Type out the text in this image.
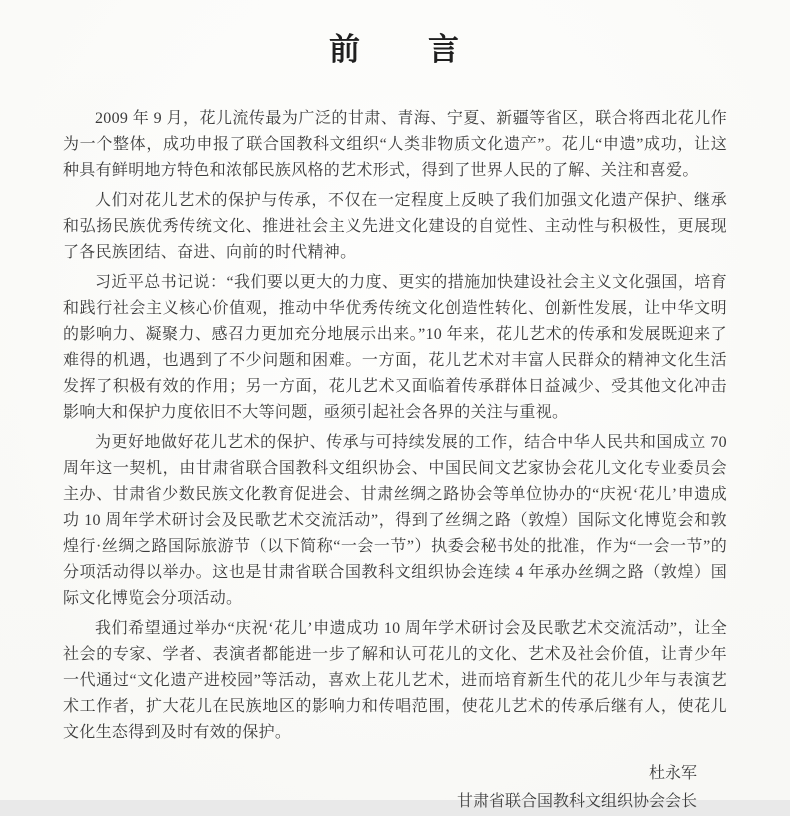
前　　言

2009 年 9 月，花儿流传最为广泛的甘肃、青海、宁夏、新疆等省区，联合将西北花儿作为一个整体，成功申报了联合国教科文组织“人类非物质文化遗产”。花儿“申遗”成功，让这种具有鲜明地方特色和浓郁民族风格的艺术形式，得到了世界人民的了解、关注和喜爱。

人们对花儿艺术的保护与传承，不仅在一定程度上反映了我们加强文化遗产保护、继承和弘扬民族优秀传统文化、推进社会主义先进文化建设的自觉性、主动性与积极性，更展现了各民族团结、奋进、向前的时代精神。

习近平总书记说：“我们要以更大的力度、更实的措施加快建设社会主义文化强国，培育和践行社会主义核心价值观，推动中华优秀传统文化创造性转化、创新性发展，让中华文明的影响力、凝聚力、感召力更加充分地展示出来。”10 年来，花儿艺术的传承和发展既迎来了难得的机遇，也遇到了不少问题和困难。一方面，花儿艺术对丰富人民群众的精神文化生活发挥了积极有效的作用；另一方面，花儿艺术又面临着传承群体日益减少、受其他文化冲击影响大和保护力度依旧不大等问题，亟须引起社会各界的关注与重视。

为更好地做好花儿艺术的保护、传承与可持续发展的工作，结合中华人民共和国成立 70 周年这一契机，由甘肃省联合国教科文组织协会、中国民间文艺家协会花儿文化专业委员会主办、甘肃省少数民族文化教育促进会、甘肃丝绸之路协会等单位协办的“庆祝‘花儿’申遗成功 10 周年学术研讨会及民歌艺术交流活动”，得到了丝绸之路（敦煌）国际文化博览会和敦煌行·丝绸之路国际旅游节（以下简称“一会一节”）执委会秘书处的批准，作为“一会一节”的分项活动得以举办。这也是甘肃省联合国教科文组织协会连续 4 年承办丝绸之路（敦煌）国际文化博览会分项活动。

我们希望通过举办“庆祝‘花儿’申遗成功 10 周年学术研讨会及民歌艺术交流活动”，让全社会的专家、学者、表演者都能进一步了解和认可花儿的文化、艺术及社会价值，让青少年一代通过“文化遗产进校园”等活动，喜欢上花儿艺术，进而培育新生代的花儿少年与表演艺术工作者，扩大花儿在民族地区的影响力和传唱范围，使花儿艺术的传承后继有人，使花儿文化生态得到及时有效的保护。

杜永军
甘肃省联合国教科文组织协会会长
